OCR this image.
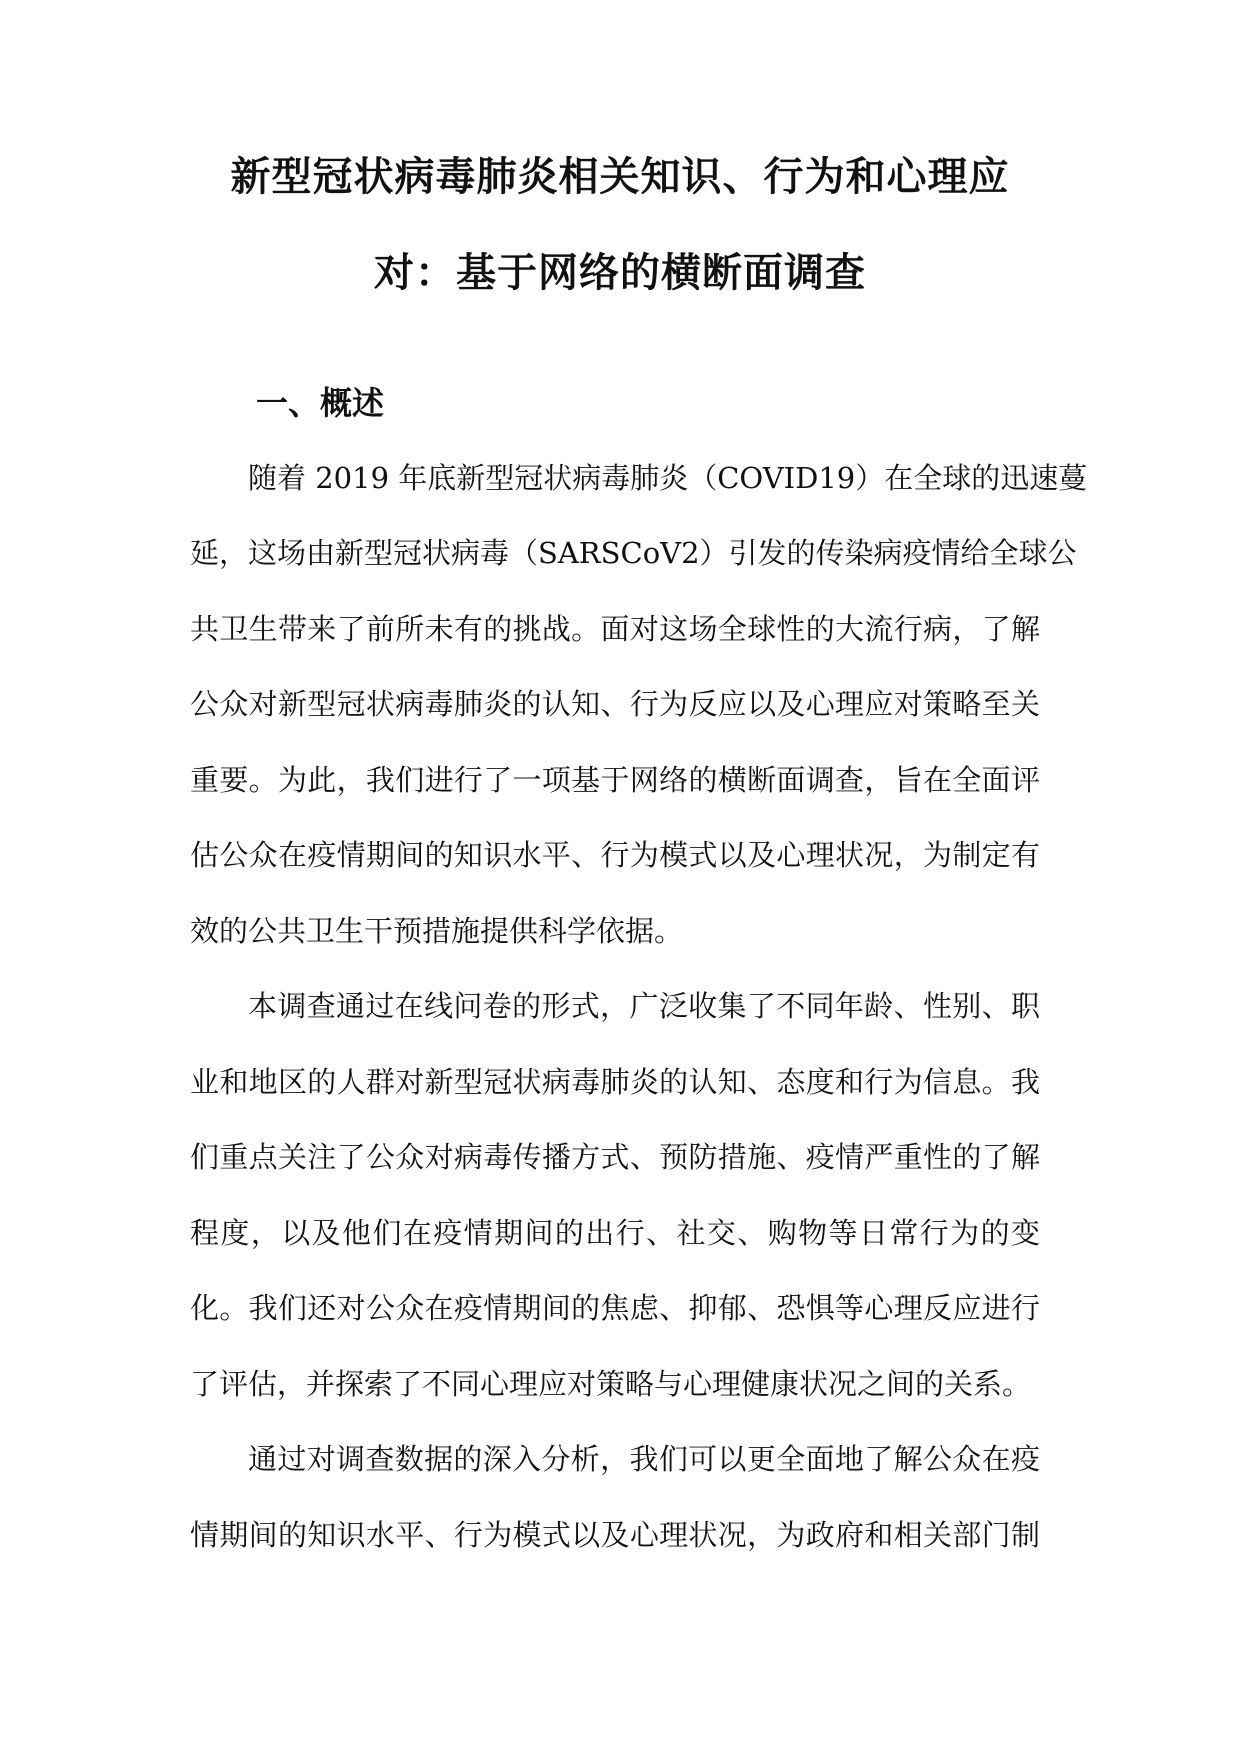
新型冠状病毒肺炎相关知识、行为和心理应
对：基于网络的横断面调查
一、概述
随着 2019 年底新型冠状病毒肺炎（COVID19）在全球的迅速蔓
延，这场由新型冠状病毒（SARSCoV2）引发的传染病疫情给全球公
共卫生带来了前所未有的挑战。面对这场全球性的大流行病，了解
公众对新型冠状病毒肺炎的认知、行为反应以及心理应对策略至关
重要。为此，我们进行了一项基于网络的横断面调查，旨在全面评
估公众在疫情期间的知识水平、行为模式以及心理状况，为制定有
效的公共卫生干预措施提供科学依据。
本调查通过在线问卷的形式，广泛收集了不同年龄、性别、职
业和地区的人群对新型冠状病毒肺炎的认知、态度和行为信息。我
们重点关注了公众对病毒传播方式、预防措施、疫情严重性的了解
程度，以及他们在疫情期间的出行、社交、购物等日常行为的变
化。我们还对公众在疫情期间的焦虑、抑郁、恐惧等心理反应进行
了评估，并探索了不同心理应对策略与心理健康状况之间的关系。
通过对调查数据的深入分析，我们可以更全面地了解公众在疫
情期间的知识水平、行为模式以及心理状况，为政府和相关部门制
